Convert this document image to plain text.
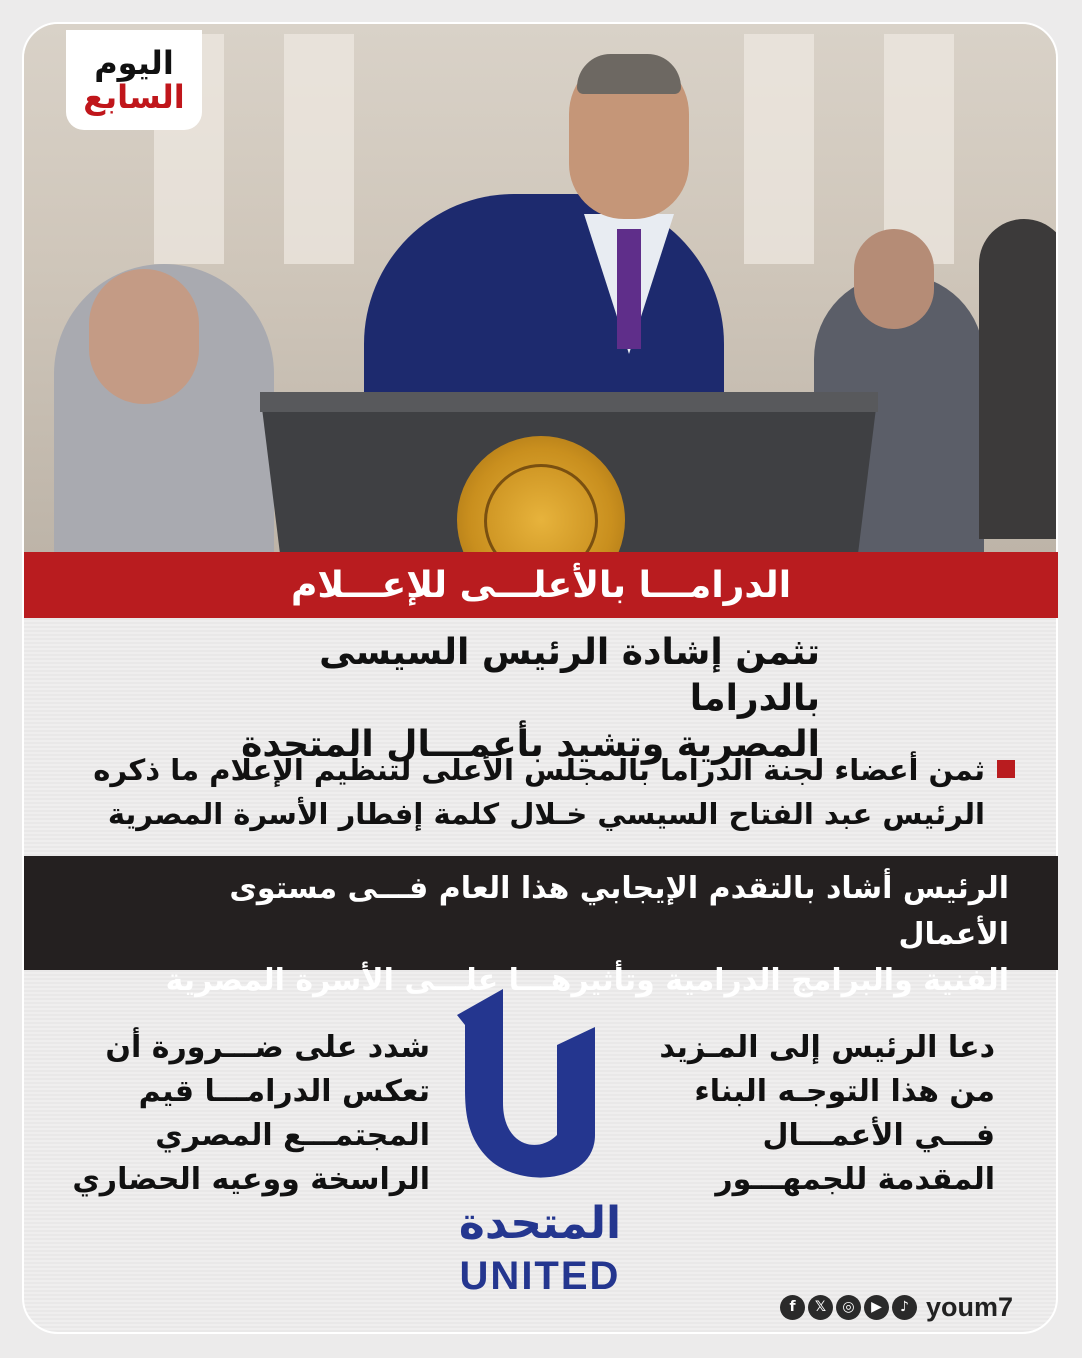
اليوم
السابع
الدرامـــا بالأعلـــى للإعـــلام
تثمن إشادة الرئيس السيسى بالدراما
المصرية وتشيد بأعمـــال المتحدة
ثمن أعضاء لجنة الدراما بالمجلس الأعلى لتنظيم الإعلام ما ذكره
الرئيس عبد الفتاح السيسي خـلال كلمة إفطار الأسرة المصرية
الرئيس أشاد بالتقدم الإيجابي هذا العام فـــى مستوى الأعمال
الفنية والبرامج الدرامية وتأثيرهـــا علـــى الأسرة المصرية
دعا الرئيس إلى المـزيد
من هذا التوجـه البناء
فـــي الأعمـــال
المقدمة للجمهـــور
شدد على ضـــرورة أن
تعكس الدرامـــا قيم
المجتمـــع المصري
الراسخة ووعيه الحضاري
المتحدة
UNITED
f	𝕏	◎	▶	♪ youm7
